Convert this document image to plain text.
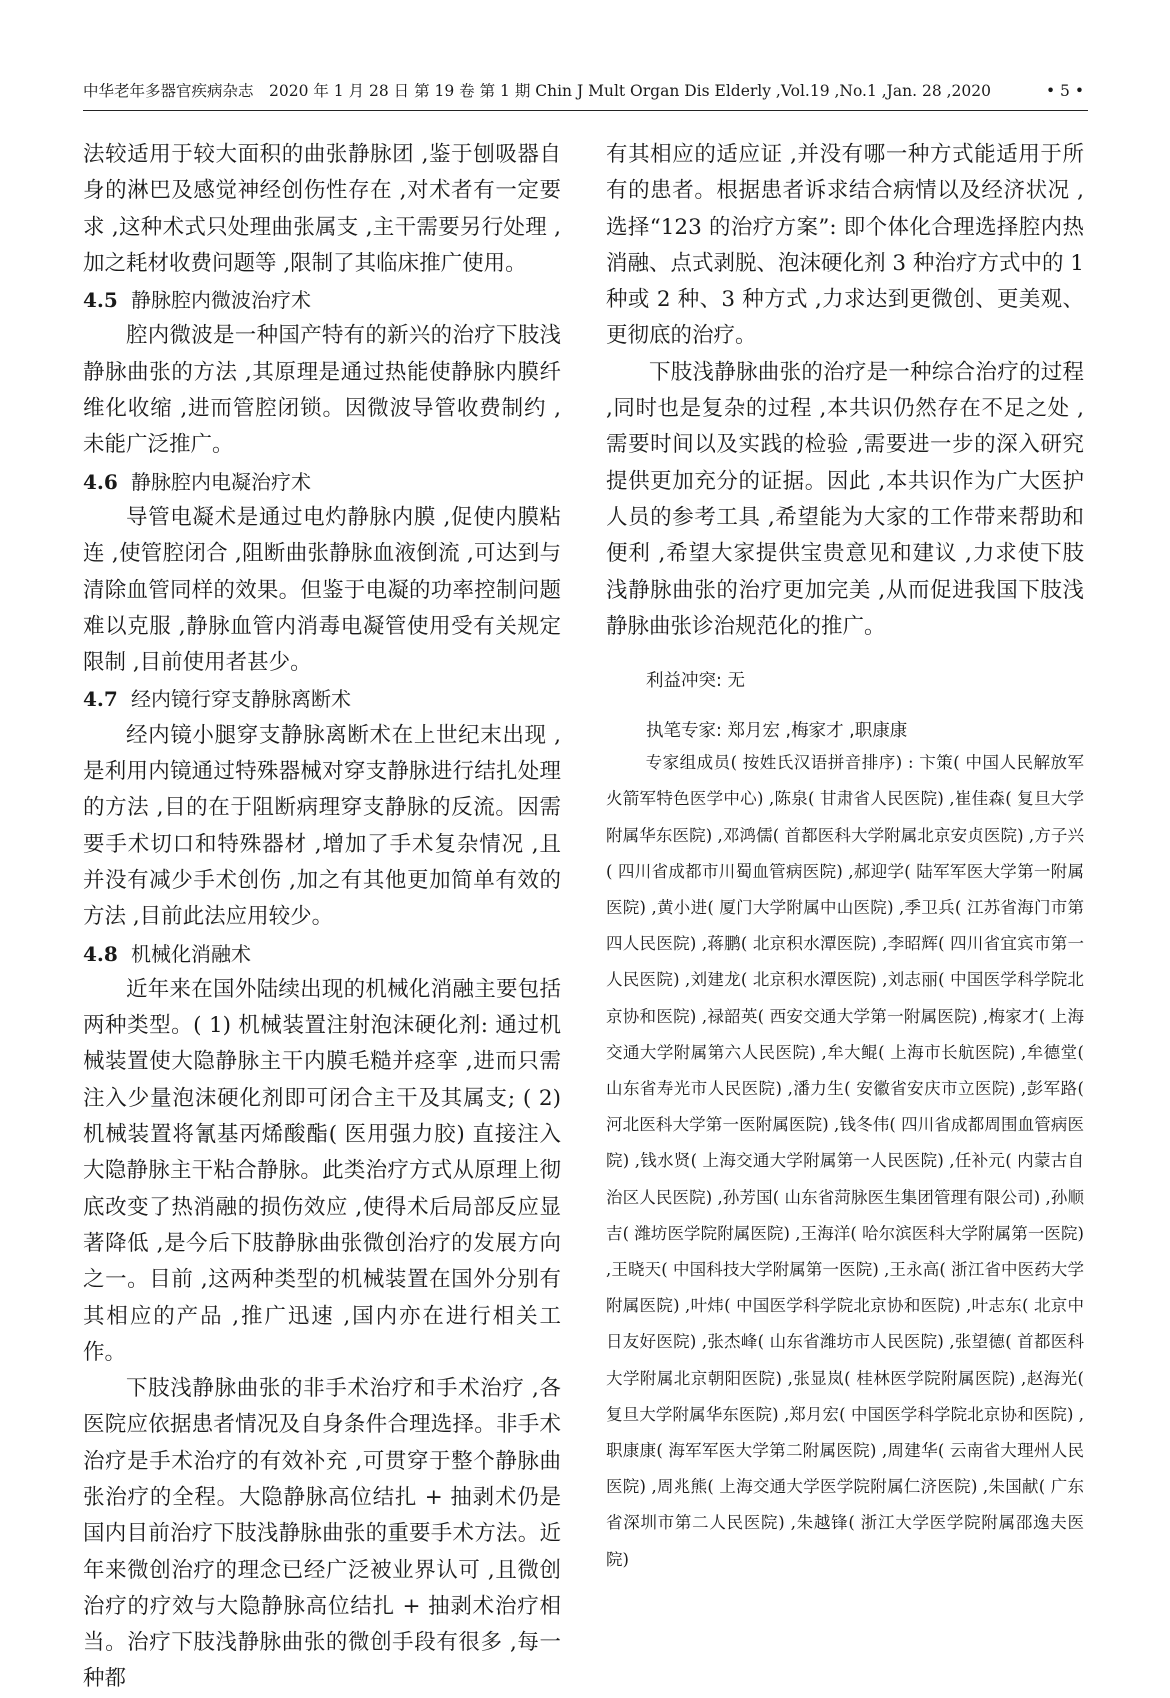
中华老年多器官疾病杂志　2020 年 1 月 28 日 第 19 卷 第 1 期 Chin J Mult Organ Dis Elderly ,Vol.19 ,No.1 ,Jan. 28 ,2020	• 5 •

法较适用于较大面积的曲张静脉团 ,鉴于刨吸器自身的淋巴及感觉神经创伤性存在 ,对术者有一定要求 ,这种术式只处理曲张属支 ,主干需要另行处理 ,加之耗材收费问题等 ,限制了其临床推广使用。

4.5 静脉腔内微波治疗术

腔内微波是一种国产特有的新兴的治疗下肢浅静脉曲张的方法 ,其原理是通过热能使静脉内膜纤维化收缩 ,进而管腔闭锁。因微波导管收费制约 ,未能广泛推广。

4.6 静脉腔内电凝治疗术

导管电凝术是通过电灼静脉内膜 ,促使内膜粘连 ,使管腔闭合 ,阻断曲张静脉血液倒流 ,可达到与清除血管同样的效果。但鉴于电凝的功率控制问题难以克服 ,静脉血管内消毒电凝管使用受有关规定限制 ,目前使用者甚少。

4.7 经内镜行穿支静脉离断术

经内镜小腿穿支静脉离断术在上世纪末出现 ,是利用内镜通过特殊器械对穿支静脉进行结扎处理的方法 ,目的在于阻断病理穿支静脉的反流。因需要手术切口和特殊器材 ,增加了手术复杂情况 ,且并没有减少手术创伤 ,加之有其他更加简单有效的方法 ,目前此法应用较少。

4.8 机械化消融术

近年来在国外陆续出现的机械化消融主要包括两种类型。( 1) 机械装置注射泡沫硬化剂: 通过机械装置使大隐静脉主干内膜毛糙并痉挛 ,进而只需注入少量泡沫硬化剂即可闭合主干及其属支; ( 2) 机械装置将氰基丙烯酸酯( 医用强力胶) 直接注入大隐静脉主干粘合静脉。此类治疗方式从原理上彻底改变了热消融的损伤效应 ,使得术后局部反应显著降低 ,是今后下肢静脉曲张微创治疗的发展方向之一。目前 ,这两种类型的机械装置在国外分别有其相应的产品 ,推广迅速 ,国内亦在进行相关工作。

下肢浅静脉曲张的非手术治疗和手术治疗 ,各医院应依据患者情况及自身条件合理选择。非手术治疗是手术治疗的有效补充 ,可贯穿于整个静脉曲张治疗的全程。大隐静脉高位结扎 + 抽剥术仍是国内目前治疗下肢浅静脉曲张的重要手术方法。近年来微创治疗的理念已经广泛被业界认可 ,且微创治疗的疗效与大隐静脉高位结扎 + 抽剥术治疗相当。治疗下肢浅静脉曲张的微创手段有很多 ,每一种都

有其相应的适应证 ,并没有哪一种方式能适用于所有的患者。根据患者诉求结合病情以及经济状况 ,选择“123 的治疗方案”: 即个体化合理选择腔内热消融、点式剥脱、泡沫硬化剂 3 种治疗方式中的 1 种或 2 种、3 种方式 ,力求达到更微创、更美观、更彻底的治疗。

下肢浅静脉曲张的治疗是一种综合治疗的过程 ,同时也是复杂的过程 ,本共识仍然存在不足之处 ,需要时间以及实践的检验 ,需要进一步的深入研究提供更加充分的证据。因此 ,本共识作为广大医护人员的参考工具 ,希望能为大家的工作带来帮助和便利 ,希望大家提供宝贵意见和建议 ,力求使下肢浅静脉曲张的治疗更加完美 ,从而促进我国下肢浅静脉曲张诊治规范化的推广。

利益冲突: 无

执笔专家: 郑月宏 ,梅家才 ,职康康

专家组成员( 按姓氏汉语拼音排序) : 卞策( 中国人民解放军火箭军特色医学中心) ,陈泉( 甘肃省人民医院) ,崔佳森( 复旦大学附属华东医院) ,邓鸿儒( 首都医科大学附属北京安贞医院) ,方子兴( 四川省成都市川蜀血管病医院) ,郝迎学( 陆军军医大学第一附属医院) ,黄小进( 厦门大学附属中山医院) ,季卫兵( 江苏省海门市第四人民医院) ,蒋鹏( 北京积水潭医院) ,李昭辉( 四川省宜宾市第一人民医院) ,刘建龙( 北京积水潭医院) ,刘志丽( 中国医学科学院北京协和医院) ,禄韶英( 西安交通大学第一附属医院) ,梅家才( 上海交通大学附属第六人民医院) ,牟大鲲( 上海市长航医院) ,牟德堂( 山东省寿光市人民医院) ,潘力生( 安徽省安庆市立医院) ,彭军路( 河北医科大学第一医附属医院) ,钱冬伟( 四川省成都周围血管病医院) ,钱水贤( 上海交通大学附属第一人民医院) ,任补元( 内蒙古自治区人民医院) ,孙芳国( 山东省菏脉医生集团管理有限公司) ,孙顺吉( 潍坊医学院附属医院) ,王海洋( 哈尔滨医科大学附属第一医院) ,王晓天( 中国科技大学附属第一医院) ,王永高( 浙江省中医药大学附属医院) ,叶炜( 中国医学科学院北京协和医院) ,叶志东( 北京中日友好医院) ,张杰峰( 山东省潍坊市人民医院) ,张望德( 首都医科大学附属北京朝阳医院) ,张显岚( 桂林医学院附属医院) ,赵海光( 复旦大学附属华东医院) ,郑月宏( 中国医学科学院北京协和医院) ,职康康( 海军军医大学第二附属医院) ,周建华( 云南省大理州人民医院) ,周兆熊( 上海交通大学医学院附属仁济医院) ,朱国献( 广东省深圳市第二人民医院) ,朱越锋( 浙江大学医学院附属邵逸夫医院)
